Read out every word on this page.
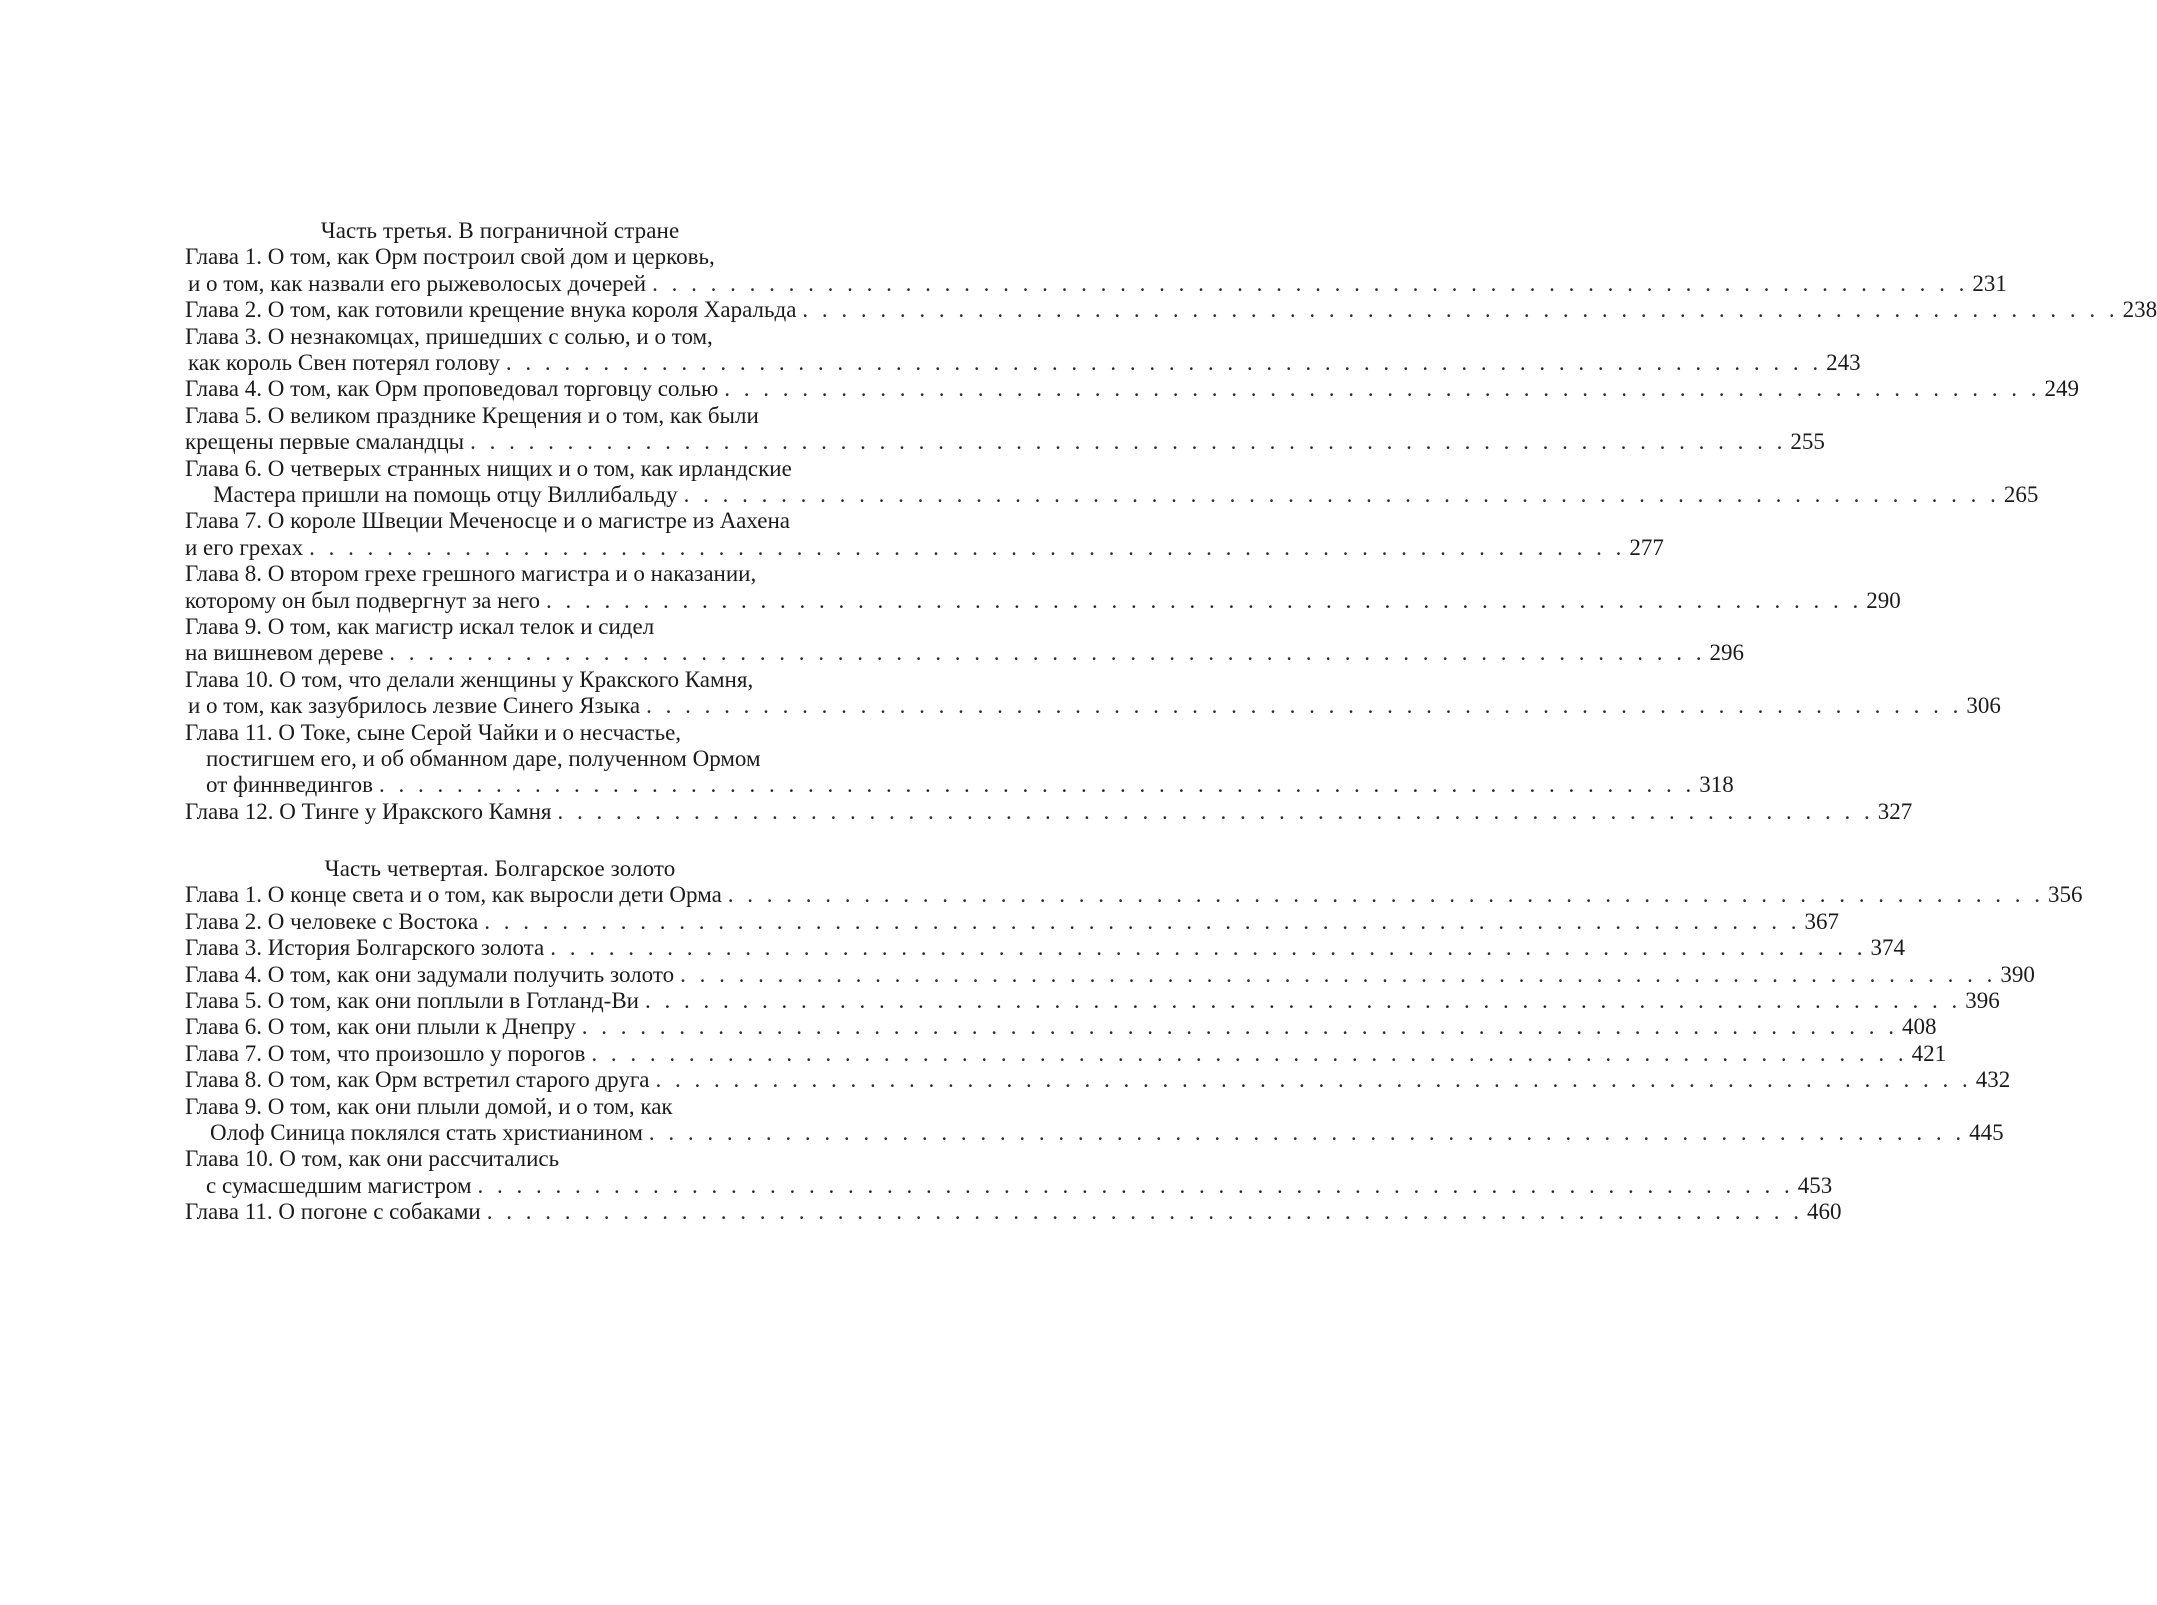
Часть третья. В пограничной стране
Глава 1. О том, как Орм построил свой дом и церковь,
и о том, как назвали его рыжеволосых дочерей . . . . . . . . . . . . . . . . . . . . . . . . . . . . . . . . . . . . . . . . . . . . . . . . . . . . . . . . . . . . . . . . . . . . 231
Глава 2. О том, как готовили крещение внука короля Харальда . . . . . . . . . . . . . . . . . . . . . . . . . . . . . . . . . . . . . . . . . . . . . . . . . . . . . . . . . . . . . . . . . . . . 238
Глава 3. О незнакомцах, пришедших с солью, и о том,
как король Свен потерял голову . . . . . . . . . . . . . . . . . . . . . . . . . . . . . . . . . . . . . . . . . . . . . . . . . . . . . . . . . . . . . . . . . . . . 243
Глава 4. О том, как Орм проповедовал торговцу солью . . . . . . . . . . . . . . . . . . . . . . . . . . . . . . . . . . . . . . . . . . . . . . . . . . . . . . . . . . . . . . . . . . . . 249
Глава 5. О великом празднике Крещения и о том, как были
крещены первые смаландцы . . . . . . . . . . . . . . . . . . . . . . . . . . . . . . . . . . . . . . . . . . . . . . . . . . . . . . . . . . . . . . . . . . . . 255
Глава 6. О четверых странных нищих и о том, как ирландские
Мастера пришли на помощь отцу Виллибальду . . . . . . . . . . . . . . . . . . . . . . . . . . . . . . . . . . . . . . . . . . . . . . . . . . . . . . . . . . . . . . . . . . . . 265
Глава 7. О короле Швеции Меченосце и о магистре из Аахена
и его грехах . . . . . . . . . . . . . . . . . . . . . . . . . . . . . . . . . . . . . . . . . . . . . . . . . . . . . . . . . . . . . . . . . . . . 277
Глава 8. О втором грехе грешного магистра и о наказании,
которому он был подвергнут за него . . . . . . . . . . . . . . . . . . . . . . . . . . . . . . . . . . . . . . . . . . . . . . . . . . . . . . . . . . . . . . . . . . . . 290
Глава 9. О том, как магистр искал телок и сидел
на вишневом дереве . . . . . . . . . . . . . . . . . . . . . . . . . . . . . . . . . . . . . . . . . . . . . . . . . . . . . . . . . . . . . . . . . . . . 296
Глава 10. О том, что делали женщины у Кракского Камня,
и о том, как зазубрилось лезвие Синего Языка . . . . . . . . . . . . . . . . . . . . . . . . . . . . . . . . . . . . . . . . . . . . . . . . . . . . . . . . . . . . . . . . . . . . 306
Глава 11. О Токе, сыне Серой Чайки и о несчастье,
постигшем его, и об обманном даре, полученном Ормом
от финнведингов . . . . . . . . . . . . . . . . . . . . . . . . . . . . . . . . . . . . . . . . . . . . . . . . . . . . . . . . . . . . . . . . . . . . 318
Глава 12. О Тинге у Иракского Камня . . . . . . . . . . . . . . . . . . . . . . . . . . . . . . . . . . . . . . . . . . . . . . . . . . . . . . . . . . . . . . . . . . . . 327
Часть четвертая. Болгарское золото
Глава 1. О конце света и о том, как выросли дети Орма . . . . . . . . . . . . . . . . . . . . . . . . . . . . . . . . . . . . . . . . . . . . . . . . . . . . . . . . . . . . . . . . . . . . 356
Глава 2. О человеке с Востока . . . . . . . . . . . . . . . . . . . . . . . . . . . . . . . . . . . . . . . . . . . . . . . . . . . . . . . . . . . . . . . . . . . . 367
Глава 3. История Болгарского золота . . . . . . . . . . . . . . . . . . . . . . . . . . . . . . . . . . . . . . . . . . . . . . . . . . . . . . . . . . . . . . . . . . . . 374
Глава 4. О том, как они задумали получить золото . . . . . . . . . . . . . . . . . . . . . . . . . . . . . . . . . . . . . . . . . . . . . . . . . . . . . . . . . . . . . . . . . . . . 390
Глава 5. О том, как они поплыли в Готланд-Ви . . . . . . . . . . . . . . . . . . . . . . . . . . . . . . . . . . . . . . . . . . . . . . . . . . . . . . . . . . . . . . . . . . . . 396
Глава 6. О том, как они плыли к Днепру . . . . . . . . . . . . . . . . . . . . . . . . . . . . . . . . . . . . . . . . . . . . . . . . . . . . . . . . . . . . . . . . . . . . 408
Глава 7. О том, что произошло у порогов . . . . . . . . . . . . . . . . . . . . . . . . . . . . . . . . . . . . . . . . . . . . . . . . . . . . . . . . . . . . . . . . . . . . 421
Глава 8. О том, как Орм встретил старого друга . . . . . . . . . . . . . . . . . . . . . . . . . . . . . . . . . . . . . . . . . . . . . . . . . . . . . . . . . . . . . . . . . . . . 432
Глава 9. О том, как они плыли домой, и о том, как
Олоф Синица поклялся стать христианином . . . . . . . . . . . . . . . . . . . . . . . . . . . . . . . . . . . . . . . . . . . . . . . . . . . . . . . . . . . . . . . . . . . . 445
Глава 10. О том, как они рассчитались
с сумасшедшим магистром . . . . . . . . . . . . . . . . . . . . . . . . . . . . . . . . . . . . . . . . . . . . . . . . . . . . . . . . . . . . . . . . . . . . 453
Глава 11. О погоне с собаками . . . . . . . . . . . . . . . . . . . . . . . . . . . . . . . . . . . . . . . . . . . . . . . . . . . . . . . . . . . . . . . . . . . . 460
